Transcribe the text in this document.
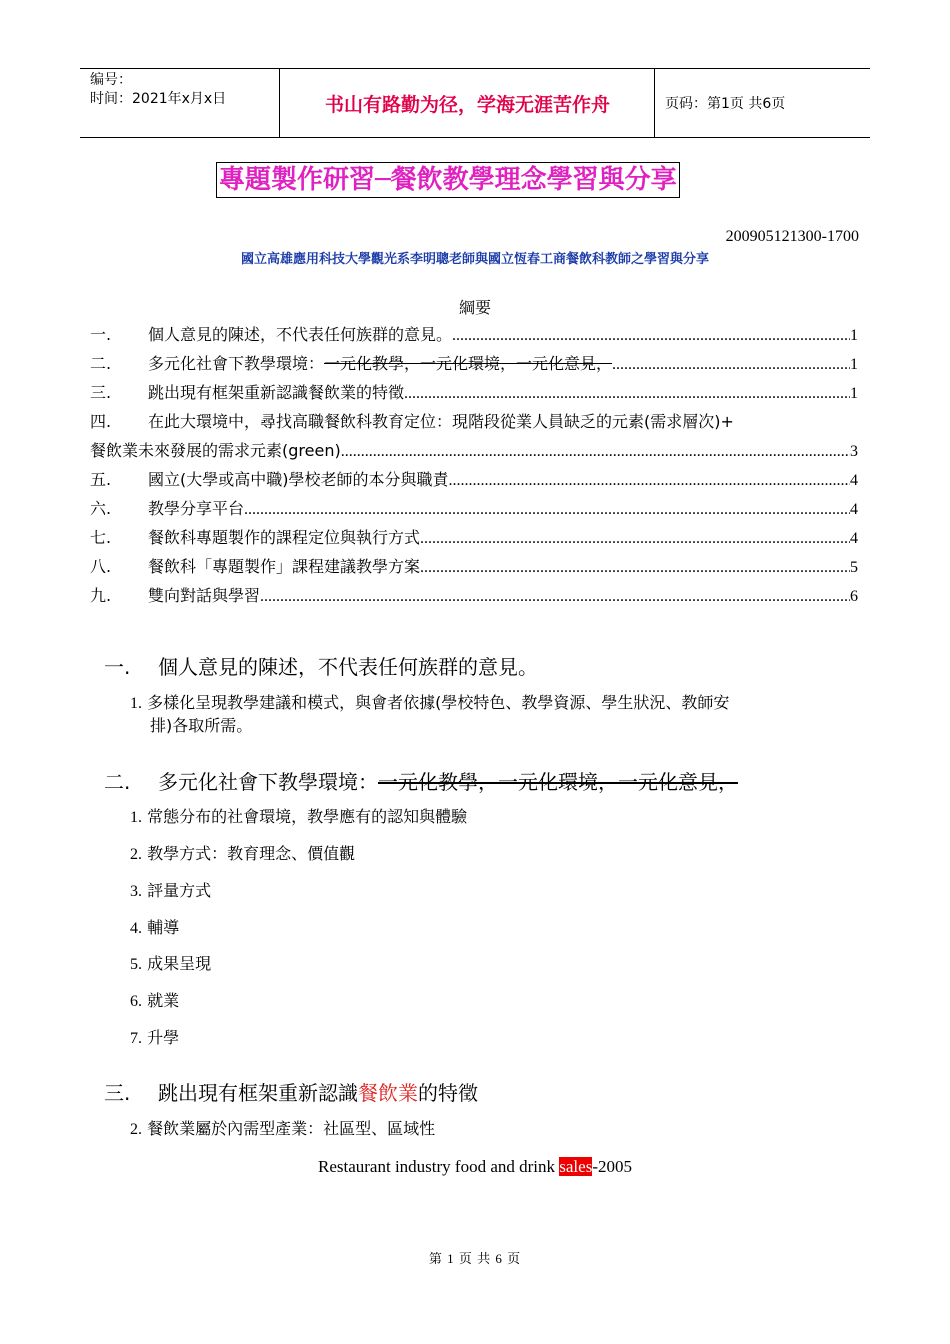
编号：
时间：2021年x月x日	书山有路勤为径，学海无涯苦作舟	页码：第1页 共6页
專題製作研習─餐飲教學理念學習與分享
200905121300-1700
國立高雄應用科技大學觀光系李明聰老師與國立恆春工商餐飲科教師之學習與分享
綱要
一.	個人意見的陳述，不代表任何族群的意見。 .....	1
二.	多元化社會下教學環境： 一元化教學，一元化環境，一元化意見， .....	1
三.	跳出現有框架重新認識餐飲業的特徵 .....	1
四.	在此大環境中，尋找高職餐飲科教育定位：現階段從業人員缺乏的元素(需求層次)+
餐飲業未來發展的需求元素(green) .....	3
五.	國立(大學或高中職)學校老師的本分與職責 .....	4
六.	教學分享平台 .....	4
七.	餐飲科專題製作的課程定位與執行方式 .....	4
八.	餐飲科「專題製作」課程建議教學方案 .....	5
九.	雙向對話與學習 .....	6
一. 個人意見的陳述，不代表任何族群的意見。
1. 多樣化呈現教學建議和模式，與會者依據(學校特色、教學資源、學生狀況、教師安
排)各取所需。
二. 多元化社會下教學環境：一元化教學，一元化環境，一元化意見，
1. 常態分布的社會環境，教學應有的認知與體驗
2. 教學方式：教育理念、價值觀
3. 評量方式
4. 輔導
5. 成果呈現
6. 就業
7. 升學
三. 跳出現有框架重新認識餐飲業的特徵
2. 餐飲業屬於內需型產業：社區型、區域性
Restaurant industry food and drink sales-2005
第 1 页 共 6 页
